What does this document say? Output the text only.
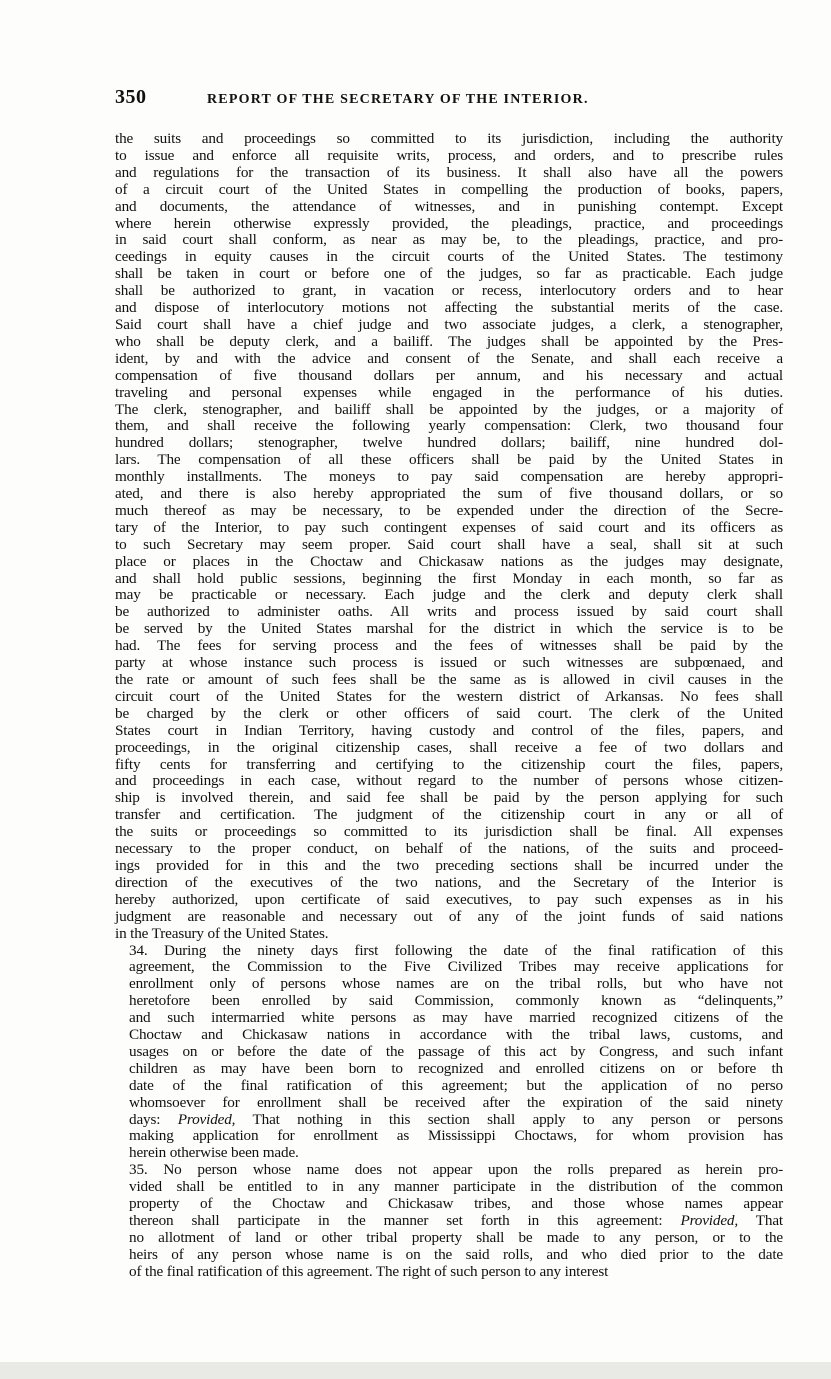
350	REPORT OF THE SECRETARY OF THE INTERIOR.

the suits and proceedings so committed to its jurisdiction, including the authority
to issue and enforce all requisite writs, process, and orders, and to prescribe rules
and regulations for the transaction of its business. It shall also have all the powers
of a circuit court of the United States in compelling the production of books, papers,
and documents, the attendance of witnesses, and in punishing contempt. Except
where herein otherwise expressly provided, the pleadings, practice, and proceedings
in said court shall conform, as near as may be, to the pleadings, practice, and pro-
ceedings in equity causes in the circuit courts of the United States. The testimony
shall be taken in court or before one of the judges, so far as practicable. Each judge
shall be authorized to grant, in vacation or recess, interlocutory orders and to hear
and dispose of interlocutory motions not affecting the substantial merits of the case.
Said court shall have a chief judge and two associate judges, a clerk, a stenographer,
who shall be deputy clerk, and a bailiff. The judges shall be appointed by the Pres-
ident, by and with the advice and consent of the Senate, and shall each receive a
compensation of five thousand dollars per annum, and his necessary and actual
traveling and personal expenses while engaged in the performance of his duties.
The clerk, stenographer, and bailiff shall be appointed by the judges, or a majority of
them, and shall receive the following yearly compensation: Clerk, two thousand four
hundred dollars; stenographer, twelve hundred dollars; bailiff, nine hundred dol-
lars. The compensation of all these officers shall be paid by the United States in
monthly installments. The moneys to pay said compensation are hereby appropri-
ated, and there is also hereby appropriated the sum of five thousand dollars, or so
much thereof as may be necessary, to be expended under the direction of the Secre-
tary of the Interior, to pay such contingent expenses of said court and its officers as
to such Secretary may seem proper. Said court shall have a seal, shall sit at such
place or places in the Choctaw and Chickasaw nations as the judges may designate,
and shall hold public sessions, beginning the first Monday in each month, so far as
may be practicable or necessary. Each judge and the clerk and deputy clerk shall
be authorized to administer oaths. All writs and process issued by said court shall
be served by the United States marshal for the district in which the service is to be
had. The fees for serving process and the fees of witnesses shall be paid by the
party at whose instance such process is issued or such witnesses are subpœnaed, and
the rate or amount of such fees shall be the same as is allowed in civil causes in the
circuit court of the United States for the western district of Arkansas. No fees shall
be charged by the clerk or other officers of said court. The clerk of the United
States court in Indian Territory, having custody and control of the files, papers, and
proceedings, in the original citizenship cases, shall receive a fee of two dollars and
fifty cents for transferring and certifying to the citizenship court the files, papers,
and proceedings in each case, without regard to the number of persons whose citizen-
ship is involved therein, and said fee shall be paid by the person applying for such
transfer and certification. The judgment of the citizenship court in any or all of
the suits or proceedings so committed to its jurisdiction shall be final. All expenses
necessary to the proper conduct, on behalf of the nations, of the suits and proceed-
ings provided for in this and the two preceding sections shall be incurred under the
direction of the executives of the two nations, and the Secretary of the Interior is
hereby authorized, upon certificate of said executives, to pay such expenses as in his
judgment are reasonable and necessary out of any of the joint funds of said nations
in the Treasury of the United States.

34. During the ninety days first following the date of the final ratification of this
agreement, the Commission to the Five Civilized Tribes may receive applications for
enrollment only of persons whose names are on the tribal rolls, but who have not
heretofore been enrolled by said Commission, commonly known as “delinquents,”
and such intermarried white persons as may have married recognized citizens of the
Choctaw and Chickasaw nations in accordance with the tribal laws, customs, and
usages on or before the date of the passage of this act by Congress, and such infant
children as may have been born to recognized and enrolled citizens on or before th
date of the final ratification of this agreement; but the application of no perso
whomsoever for enrollment shall be received after the expiration of the said ninety
days: Provided, That nothing in this section shall apply to any person or persons
making application for enrollment as Mississippi Choctaws, for whom provision has
herein otherwise been made.

35. No person whose name does not appear upon the rolls prepared as herein pro-
vided shall be entitled to in any manner participate in the distribution of the common
property of the Choctaw and Chickasaw tribes, and those whose names appear
thereon shall participate in the manner set forth in this agreement: Provided, That
no allotment of land or other tribal property shall be made to any person, or to the
heirs of any person whose name is on the said rolls, and who died prior to the date
of the final ratification of this agreement. The right of such person to any interest
